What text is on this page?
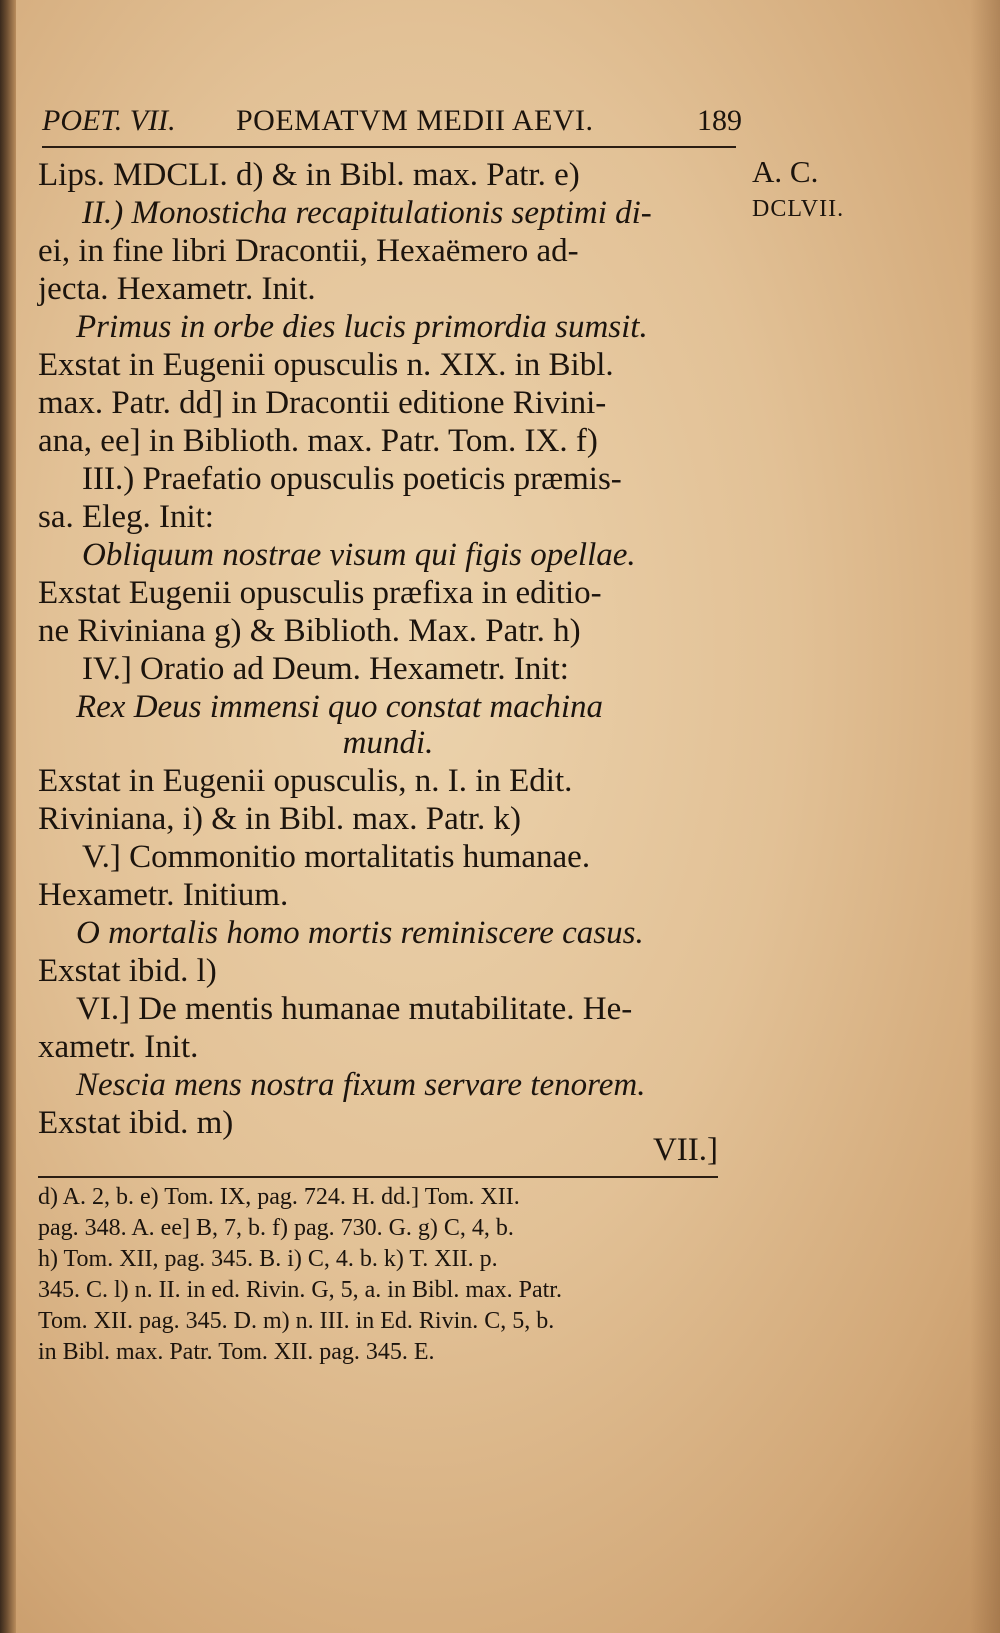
POET. VII. POEMATVM MEDII AEVI.	189
A. C.
DCLVII.
Lips. MDCLI. d) & in Bibl. max. Patr. e)
II.) Monosticha recapitulationis septimi di-
ei, in fine libri Dracontii, Hexaëmero ad-
jecta. Hexametr. Init.
Primus in orbe dies lucis primordia sumsit.
Exstat in Eugenii opusculis n. XIX. in Bibl.
max. Patr. dd] in Dracontii editione Rivini-
ana, ee] in Biblioth. max. Patr. Tom. IX. f)
III.) Praefatio opusculis poeticis præmis-
sa. Eleg. Init:
Obliquum nostrae visum qui figis opellae.
Exstat Eugenii opusculis præfixa in editio-
ne Riviniana g) & Biblioth. Max. Patr. h)
IV.] Oratio ad Deum. Hexametr. Init:
Rex Deus immensi quo constat machina
mundi.
Exstat in Eugenii opusculis, n. I. in Edit.
Riviniana, i) & in Bibl. max. Patr. k)
V.] Commonitio mortalitatis humanae.
Hexametr. Initium.
O mortalis homo mortis reminiscere casus.
Exstat ibid. l)
VI.] De mentis humanae mutabilitate. He-
xametr. Init.
Nescia mens nostra fixum servare tenorem.
Exstat ibid. m)
VII.]
d) A. 2, b. e) Tom. IX, pag. 724. H. dd.] Tom. XII.
pag. 348. A. ee] B, 7, b. f) pag. 730. G. g) C, 4, b.
h) Tom. XII, pag. 345. B. i) C, 4. b. k) T. XII. p.
345. C. l) n. II. in ed. Rivin. G, 5, a. in Bibl. max. Patr.
Tom. XII. pag. 345. D. m) n. III. in Ed. Rivin. C, 5, b.
in Bibl. max. Patr. Tom. XII. pag. 345. E.
